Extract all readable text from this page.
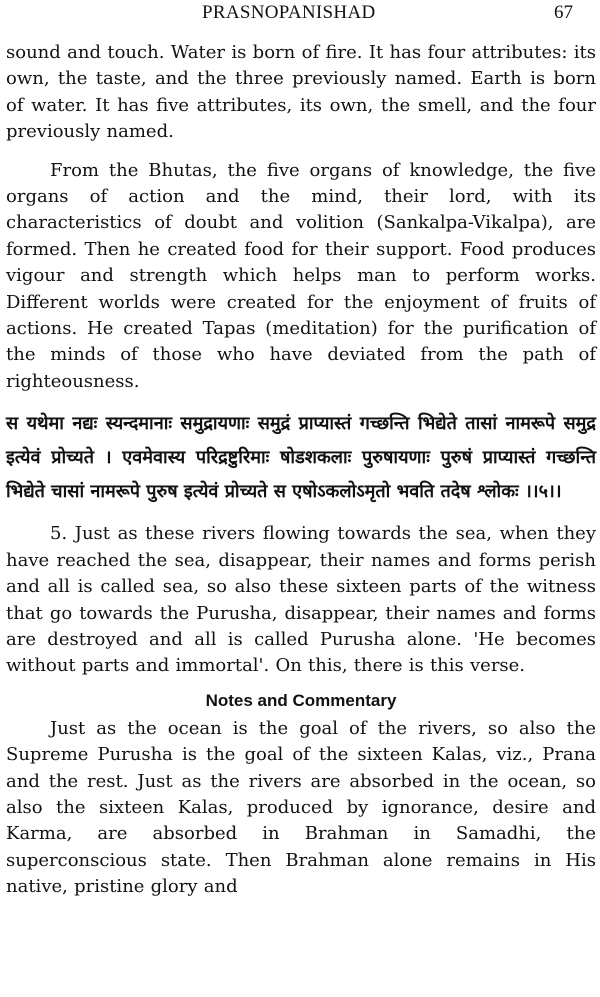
PRASNOPANISHAD	67

sound and touch. Water is born of fire. It has four attributes: its own, the taste, and the three previously named. Earth is born of water. It has five attributes, its own, the smell, and the four previously named.

From the Bhutas, the five organs of knowledge, the five organs of action and the mind, their lord, with its characteristics of doubt and volition (Sankalpa-Vikalpa), are formed. Then he created food for their support. Food produces vigour and strength which helps man to perform works. Different worlds were created for the enjoyment of fruits of actions. He created Tapas (meditation) for the purification of the minds of those who have deviated from the path of righteousness.

स यथेमा नद्यः स्यन्दमानाः समुद्रायणाः समुद्रं प्राप्यास्तं गच्छन्ति भिद्येते तासां नामरूपे समुद्र इत्येवं प्रोच्यते । एवमेवास्य परिद्रष्टुरिमाः षोडशकलाः पुरुषायणाः पुरुषं प्राप्यास्तं गच्छन्ति भिद्येते चासां नामरूपे पुरुष इत्येवं प्रोच्यते स एषोऽकलोऽमृतो भवति तदेष श्लोकः ।।५।।

5. Just as these rivers flowing towards the sea, when they have reached the sea, disappear, their names and forms perish and all is called sea, so also these sixteen parts of the witness that go towards the Purusha, disappear, their names and forms are destroyed and all is called Purusha alone. 'He becomes without parts and immortal'. On this, there is this verse.

Notes and Commentary

Just as the ocean is the goal of the rivers, so also the Supreme Purusha is the goal of the sixteen Kalas, viz., Prana and the rest. Just as the rivers are absorbed in the ocean, so also the sixteen Kalas, produced by ignorance, desire and Karma, are absorbed in Brahman in Samadhi, the superconscious state. Then Brahman alone remains in His native, pristine glory and
